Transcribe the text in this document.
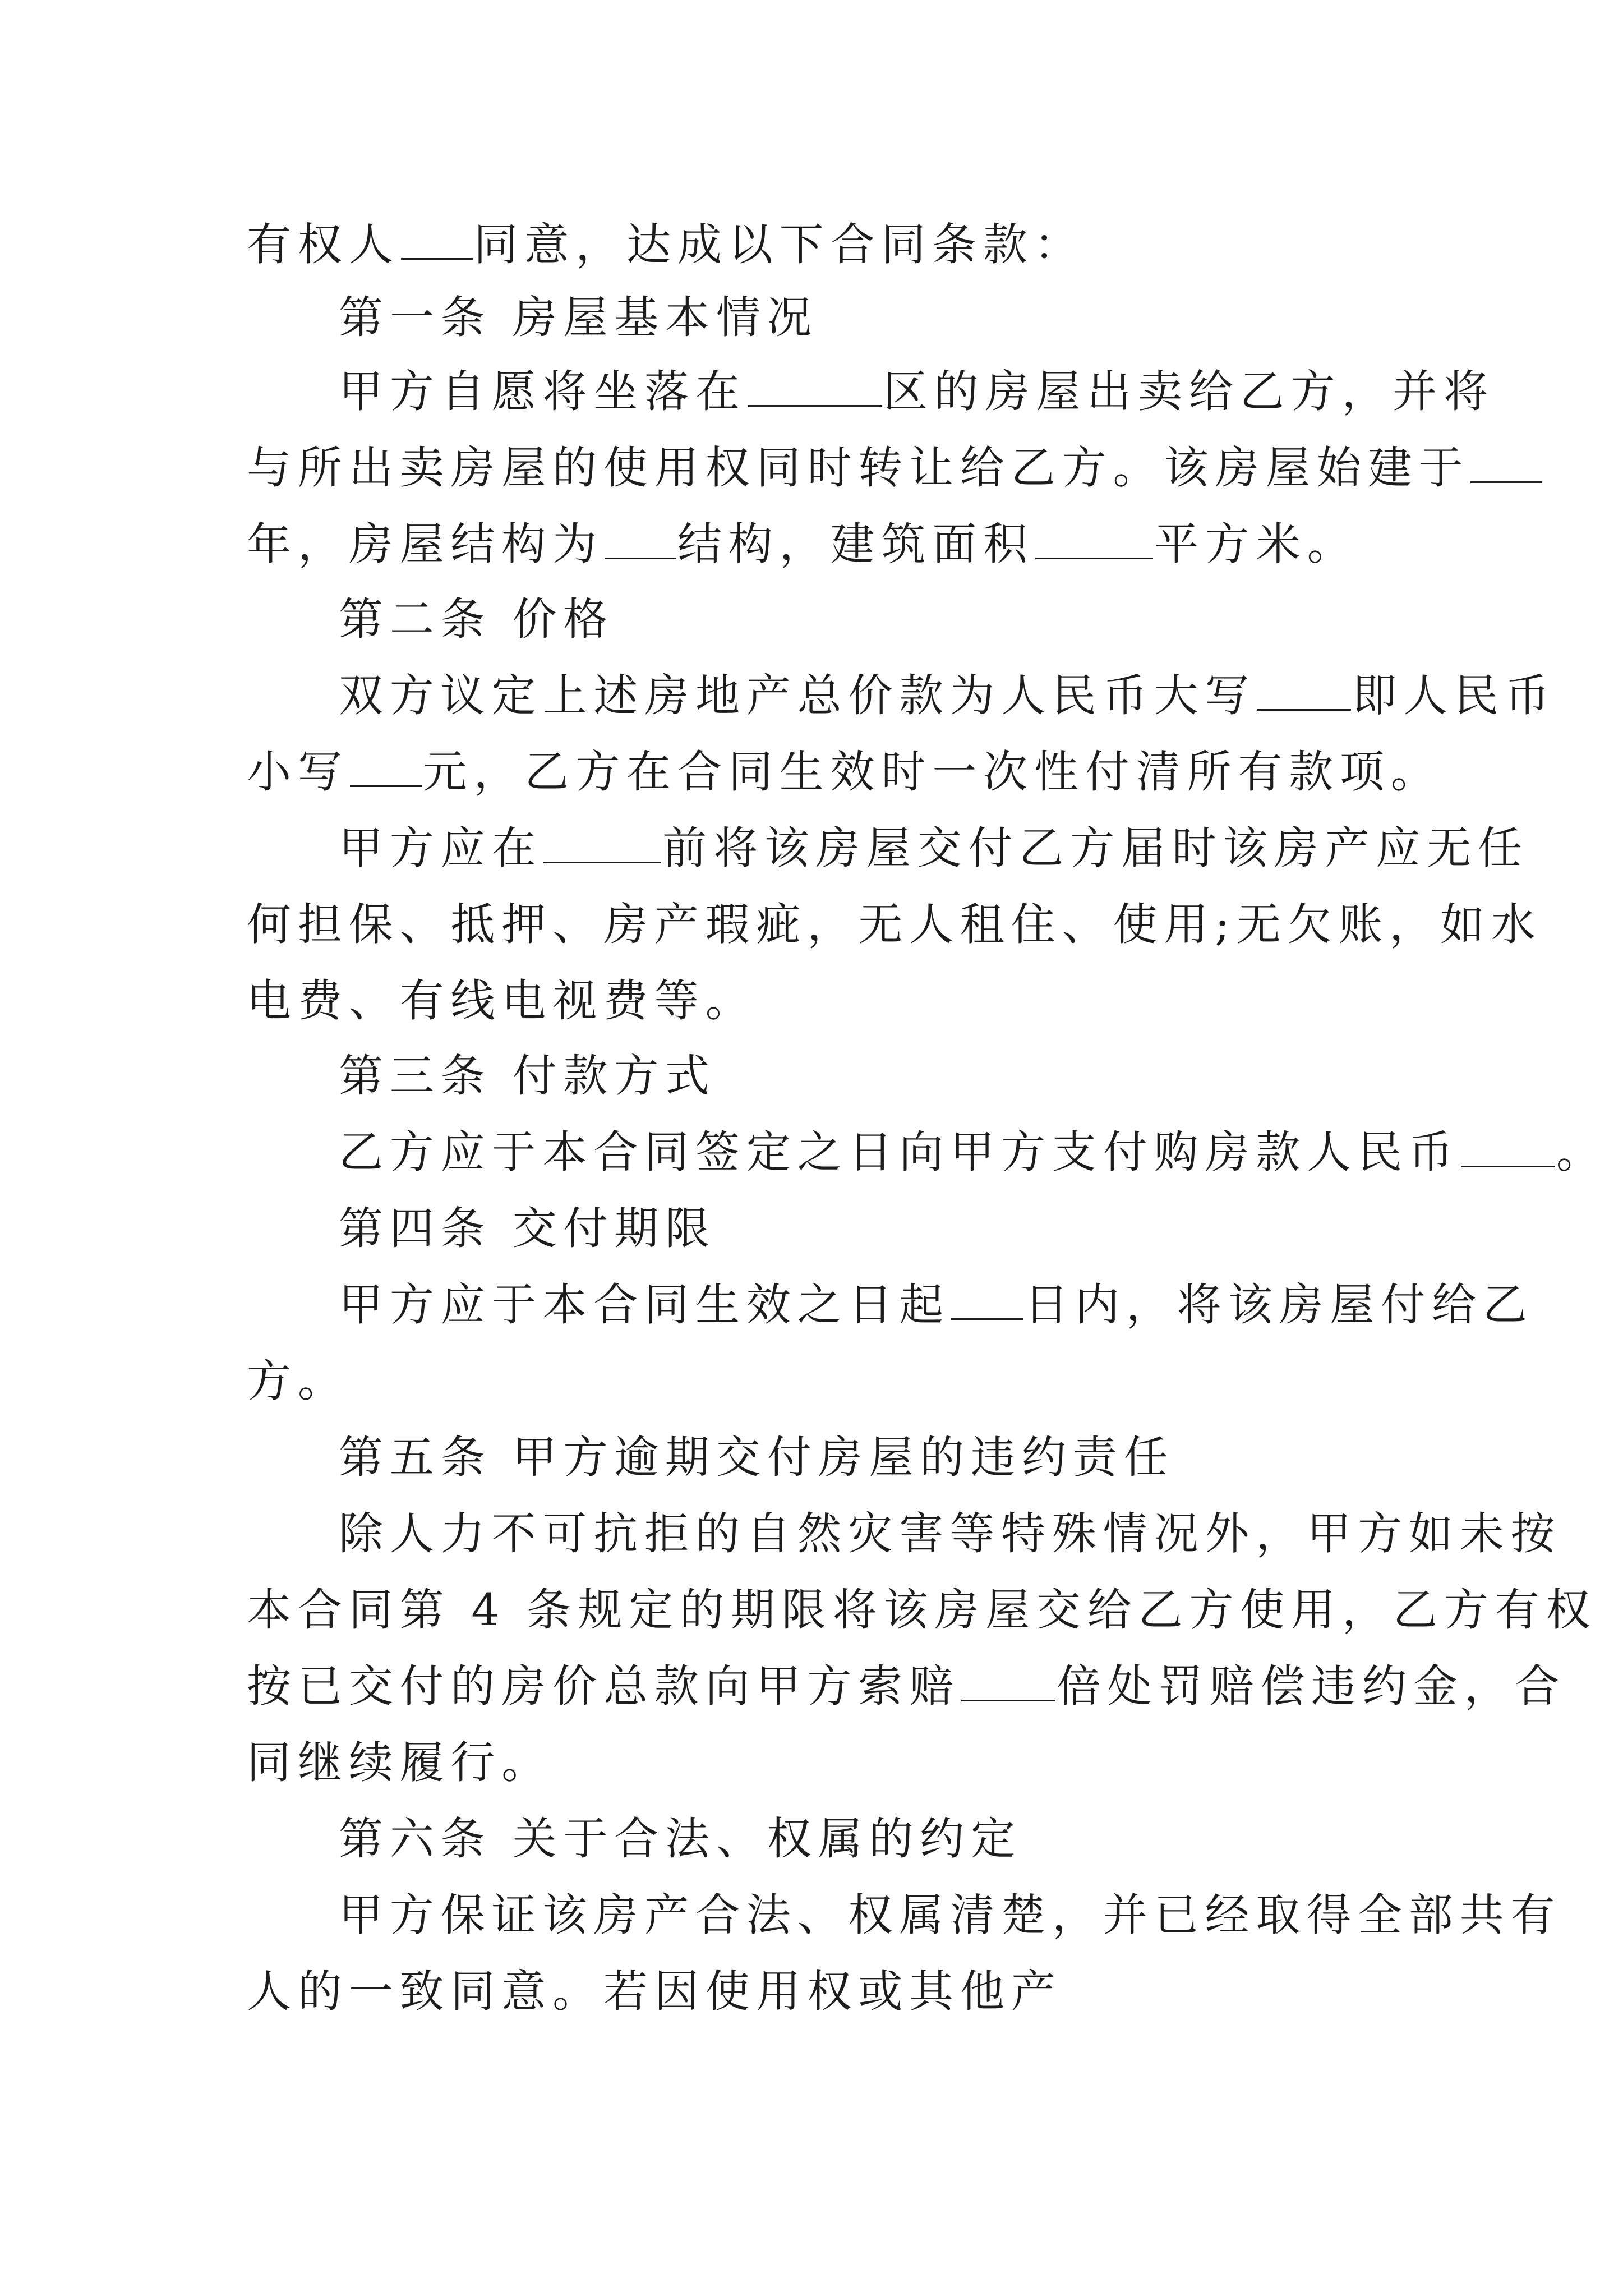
有权人 同意，达成以下合同条款：
第一条 房屋基本情况
甲方自愿将坐落在	区的房屋出卖给乙方，并将
与所出卖房屋的使用权同时转让给乙方。该房屋始建于
年，房屋结构为 结构，建筑面积	平方米。
第二条 价格
双方议定上述房地产总价款为人民币大写 即人民币
小写 元，乙方在合同生效时一次性付清所有款项。
甲方应在	前将该房屋交付乙方届时该房产应无任
何担保、抵押、房产瑕疵，无人租住、使用;无欠账，如水
电费、有线电视费等。
第三条 付款方式
乙方应于本合同签定之日向甲方支付购房款人民币 。
第四条 交付期限
甲方应于本合同生效之日起 日内，将该房屋付给乙
方。
第五条 甲方逾期交付房屋的违约责任
除人力不可抗拒的自然灾害等特殊情况外，甲方如未按
本合同第 4 条规定的期限将该房屋交给乙方使用，乙方有权
按已交付的房价总款向甲方索赔 倍处罚赔偿违约金，合
同继续履行。
第六条 关于合法、权属的约定
甲方保证该房产合法、权属清楚，并已经取得全部共有
人的一致同意。若因使用权或其他产
